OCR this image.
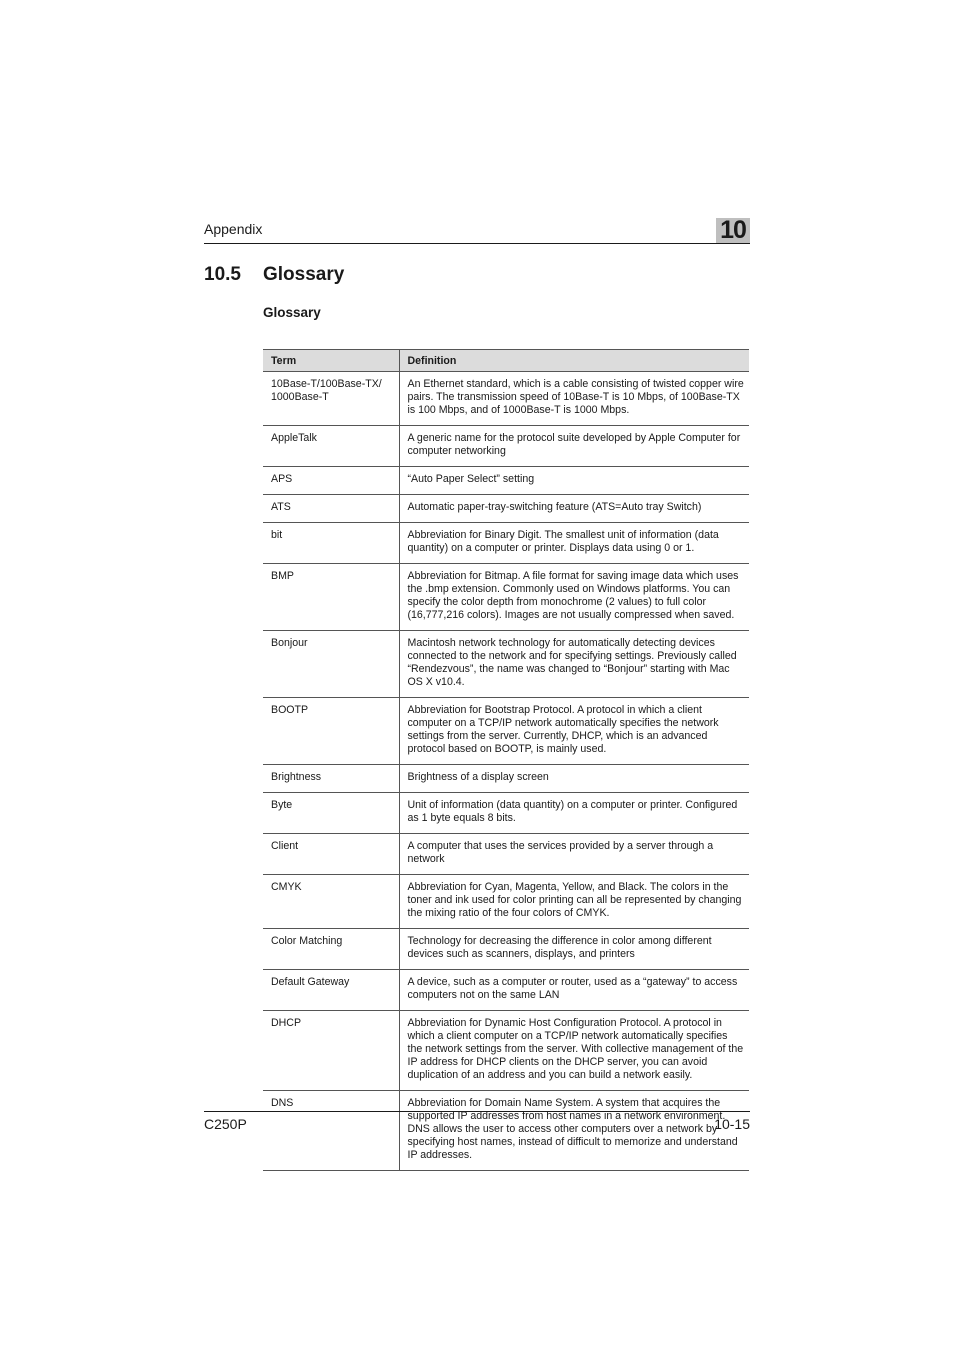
Appendix	10
10.5 Glossary
Glossary
Term	Definition
10Base-T/100Base-TX/
1000Base-T	An Ethernet standard, which is a cable consisting of twisted copper wire pairs. The transmission speed of 10Base-T is 10 Mbps, of 100Base-TX is 100 Mbps, and of 1000Base-T is 1000 Mbps.
AppleTalk	A generic name for the protocol suite developed by Apple Computer for computer networking
APS	“Auto Paper Select” setting
ATS	Automatic paper-tray-switching feature (ATS=Auto tray Switch)
bit	Abbreviation for Binary Digit. The smallest unit of information (data quantity) on a computer or printer. Displays data using 0 or 1.
BMP	Abbreviation for Bitmap. A file format for saving image data which uses the .bmp extension. Commonly used on Windows platforms. You can specify the color depth from monochrome (2 values) to full color (16,777,216 colors). Images are not usually compressed when saved.
Bonjour	Macintosh network technology for automatically detecting devices connected to the network and for specifying settings. Previously called “Rendezvous”, the name was changed to “Bonjour” starting with Mac OS X v10.4.
BOOTP	Abbreviation for Bootstrap Protocol. A protocol in which a client computer on a TCP/IP network automatically specifies the network settings from the server. Currently, DHCP, which is an advanced protocol based on BOOTP, is mainly used.
Brightness	Brightness of a display screen
Byte	Unit of information (data quantity) on a computer or printer. Configured as 1 byte equals 8 bits.
Client	A computer that uses the services provided by a server through a network
CMYK	Abbreviation for Cyan, Magenta, Yellow, and Black. The colors in the toner and ink used for color printing can all be represented by changing the mixing ratio of the four colors of CMYK.
Color Matching	Technology for decreasing the difference in color among different devices such as scanners, displays, and printers
Default Gateway	A device, such as a computer or router, used as a “gateway” to access computers not on the same LAN
DHCP	Abbreviation for Dynamic Host Configuration Protocol. A protocol in which a client computer on a TCP/IP network automatically specifies the network settings from the server. With collective management of the IP address for DHCP clients on the DHCP server, you can avoid duplication of an address and you can build a network easily.
DNS	Abbreviation for Domain Name System. A system that acquires the supported IP addresses from host names in a network environment. DNS allows the user to access other computers over a network by specifying host names, instead of difficult to memorize and understand IP addresses.
C250P	10-15
